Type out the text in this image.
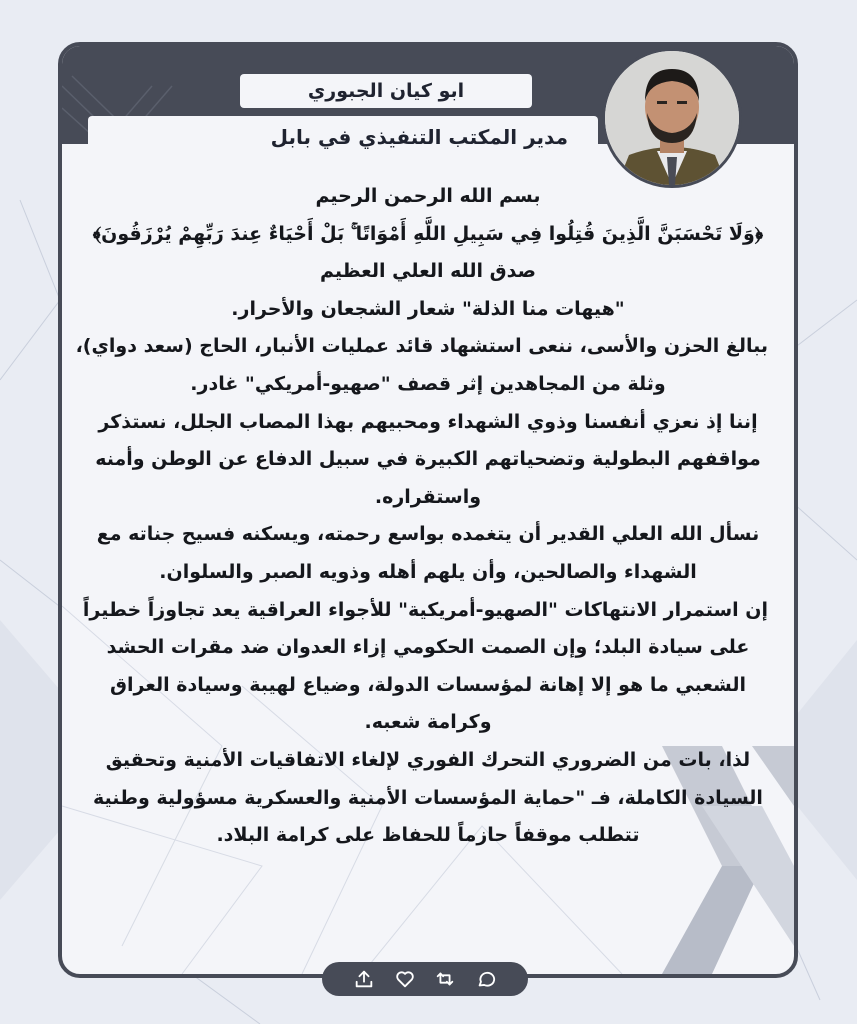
ابو كيان الجبوري
مدير المكتب التنفيذي في بابل

بسم الله الرحمن الرحيم

﴿وَلَا تَحْسَبَنَّ الَّذِينَ قُتِلُوا فِي سَبِيلِ اللَّهِ أَمْوَاتًا ۚ بَلْ أَحْيَاءٌ عِندَ رَبِّهِمْ يُرْزَقُونَ﴾

صدق الله العلي العظيم

"هيهات منا الذلة" شعار الشجعان والأحرار.

ببالغ الحزن والأسى، ننعى استشهاد قائد عمليات الأنبار، الحاج (سعد دواي)،

وثلة من المجاهدين إثر قصف "صهيو-أمريكي" غادر.

إننا إذ نعزي أنفسنا وذوي الشهداء ومحبيهم بهذا المصاب الجلل، نستذكر

مواقفهم البطولية وتضحياتهم الكبيرة في سبيل الدفاع عن الوطن وأمنه

واستقراره.

نسأل الله العلي القدير أن يتغمده بواسع رحمته، ويسكنه فسيح جناته مع

الشهداء والصالحين، وأن يلهم أهله وذويه الصبر والسلوان.

إن استمرار الانتهاكات "الصهيو-أمريكية" للأجواء العراقية يعد تجاوزاً خطيراً

على سيادة البلد؛ وإن الصمت الحكومي إزاء العدوان ضد مقرات الحشد

الشعبي ما هو إلا إهانة لمؤسسات الدولة، وضياع لهيبة وسيادة العراق

وكرامة شعبه.

لذا، بات من الضروري التحرك الفوري لإلغاء الاتفاقيات الأمنية وتحقيق

السيادة الكاملة، فـ "حماية المؤسسات الأمنية والعسكرية مسؤولية وطنية

تتطلب موقفاً حازماً للحفاظ على كرامة البلاد.
